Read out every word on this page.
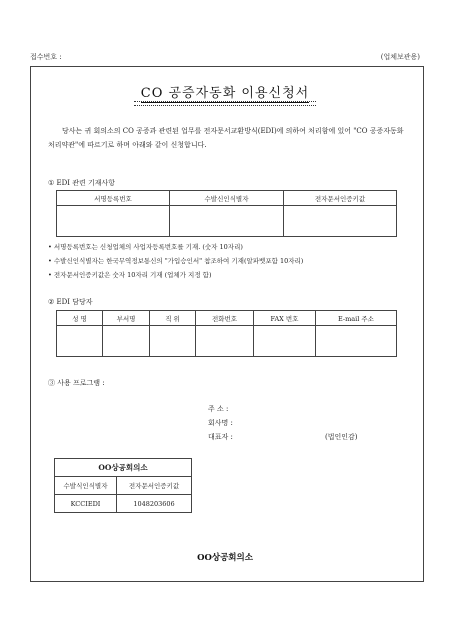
접수번호 :	(업체보관용)
CO 공증자동화 이용신청서
당사는 귀 회의소의 CO 공증과 관련된 업무를 전자문서교환방식(EDI)에 의하여 처리함에 있어 "CO 공증자동화 처리약관"에 따르기로 하며 아래와 같이 신청합니다.
① EDI 관련 기재사항
서명등록번호	수발신인식별자	전자문서인증키값

• 서명등록번호는 신청업체의 사업자등록번호를 기재. (숫자 10자리)
• 수발신인식별자는 한국무역정보통신의 "가입승인서" 참조하여 기재(알파벳포함 10자리)
• 전자문서인증키값은 숫자 10자리 기재 (업체가 지정 함)
② EDI 담당자
성 명	부서명	직 위	전화번호	FAX 번호	E-mail 주소

③ 사용 프로그램 :
주 소 :
회사명 :
대표자 :	(법인인감)
OO상공회의소	
수발식인식별자	전자문서인증키값
KCCIEDI	1048203606
OO상공회의소
